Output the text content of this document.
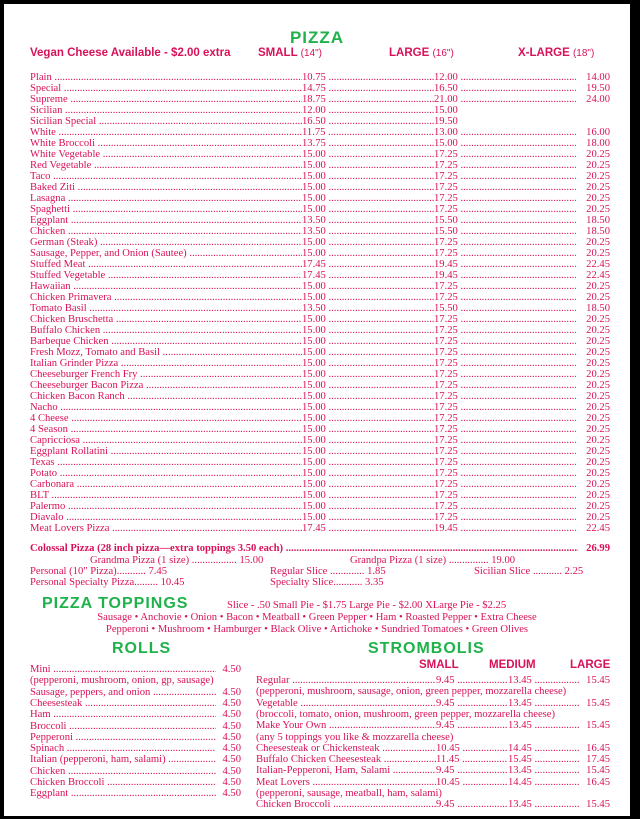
PIZZA
Vegan Cheese Available - $2.00 extra SMALL (14")	LARGE (16")	X-LARGE (18")
Plain .....	10.75 .....	12.00 .....	14.00
Special .....	14.75 .....	16.50 .....	19.50
Supreme .....	18.75 .....	21.00 .....	24.00
Sicilian .....	12.00 .....	15.00
Sicilian Special .....	16.50 .....	19.50
White .....	11.75 .....	13.00 .....	16.00
White Broccoli .....	13.75 .....	15.00 .....	18.00
White Vegetable .....	15.00 .....	17.25 .....	20.25
Red Vegetable .....	15.00 .....	17.25 .....	20.25
Taco .....	15.00 .....	17.25 .....	20.25
Baked Ziti .....	15.00 .....	17.25 .....	20.25
Lasagna .....	15.00 .....	17.25 .....	20.25
Spaghetti .....	15.00 .....	17.25 .....	20.25
Eggplant .....	13.50 .....	15.50 .....	18.50
Chicken .....	13.50 .....	15.50 .....	18.50
German (Steak) .....	15.00 .....	17.25 .....	20.25
Sausage, Pepper, and Onion (Sautee) .....	15.00 .....	17.25 .....	20.25
Stuffed Meat .....	17.45 .....	19.45 .....	22.45
Stuffed Vegetable .....	17.45 .....	19.45 .....	22.45
Hawaiian .....	15.00 .....	17.25 .....	20.25
Chicken Primavera .....	15.00 .....	17.25 .....	20.25
Tomato Basil .....	13.50 .....	15.50 .....	18.50
Chicken Bruschetta .....	15.00 .....	17.25 .....	20.25
Buffalo Chicken .....	15.00 .....	17.25 .....	20.25
Barbeque Chicken .....	15.00 .....	17.25 .....	20.25
Fresh Mozz, Tomato and Basil .....	15.00 .....	17.25 .....	20.25
Italian Grinder Pizza .....	15.00 .....	17.25 .....	20.25
Cheeseburger French Fry .....	15.00 .....	17.25 .....	20.25
Cheeseburger Bacon Pizza .....	15.00 .....	17.25 .....	20.25
Chicken Bacon Ranch .....	15.00 .....	17.25 .....	20.25
Nacho .....	15.00 .....	17.25 .....	20.25
4 Cheese .....	15.00 .....	17.25 .....	20.25
4 Season .....	15.00 .....	17.25 .....	20.25
Capricciosa .....	15.00 .....	17.25 .....	20.25
Eggplant Rollatini .....	15.00 .....	17.25 .....	20.25
Texas .....	15.00 .....	17.25 .....	20.25
Potato .....	15.00 .....	17.25 .....	20.25
Carbonara .....	15.00 .....	17.25 .....	20.25
BLT .....	15.00 .....	17.25 .....	20.25
Palermo .....	15.00 .....	17.25 .....	20.25
Diavalo .....	15.00 .....	17.25 .....	20.25
Meat Lovers Pizza .....	17.45 .....	19.45 .....	22.45
Colossal Pizza (28 inch pizza—extra toppings 3.50 each) .....	26.99
Grandma Pizza (1 size) ................. 15.00	Grandpa Pizza (1 size) ............... 19.00
Personal (10" Pizza)........... 7.45	Regular Slice ............. 1.85	Sicilian Slice ........... 2.25
Personal Specialty Pizza......... 10.45	Specialty Slice........... 3.35
PIZZA TOPPINGS	Slice - .50 Small Pie - $1.75 Large Pie - $2.00 XLarge Pie - $2.25
Sausage • Anchovie • Onion • Bacon • Meatball • Green Pepper • Ham • Roasted Pepper • Extra Cheese
Pepperoni • Mushroom • Hamburger • Black Olive • Artichoke • Sundried Tomatoes • Green Olives
ROLLS	STROMBOLIS
SMALL	MEDIUM	LARGE
Mini .....	4.50
(pepperoni, mushroom, onion, gp, sausage)
Sausage, peppers, and onion .....	4.50
Cheesesteak .....	4.50
Ham .....	4.50
Broccoli .....	4.50
Pepperoni .....	4.50
Spinach .....	4.50
Italian (pepperoni, ham, salami) .....	4.50
Chicken .....	4.50
Chicken Broccoli .....	4.50
Eggplant .....	4.50
Regular .....	9.45 .....	13.45 .....	15.45
(pepperoni, mushroom, sausage, onion, green pepper, mozzarella cheese)
Vegetable .....	9.45 .....	13.45 .....	15.45
(broccoli, tomato, onion, mushroom, green pepper, mozzarella cheese)
Make Your Own .....	9.45 .....	13.45 .....	15.45
(any 5 toppings you like & mozzarella cheese)
Cheesesteak or Chickensteak .....	10.45 .....	14.45 .....	16.45
Buffalo Chicken Cheesesteak .....	11.45 .....	15.45 .....	17.45
Italian-Pepperoni, Ham, Salami .....	9.45 .....	13.45 .....	15.45
Meat Lovers .....	10.45 .....	14.45 .....	16.45
(pepperoni, sausage, meatball, ham, salami)
Chicken Broccoli .....	9.45 .....	13.45 .....	15.45
